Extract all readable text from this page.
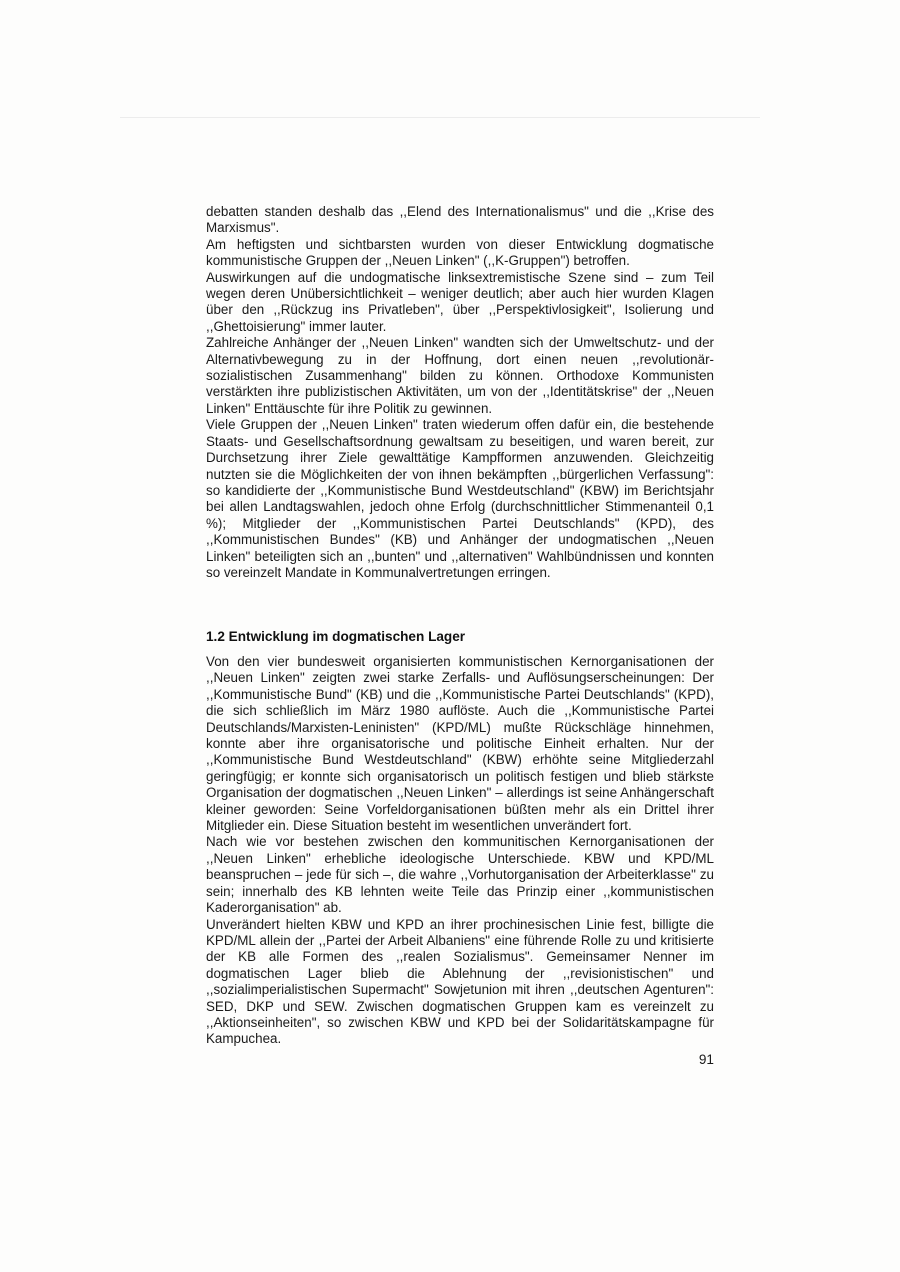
debatten standen deshalb das ,,Elend des Internationalismus" und die ,,Krise des Marxismus".

Am heftigsten und sichtbarsten wurden von dieser Entwicklung dogmatische kommunistische Gruppen der ,,Neuen Linken" (,,K-Gruppen") betroffen.

Auswirkungen auf die undogmatische linksextremistische Szene sind – zum Teil wegen deren Unübersichtlichkeit – weniger deutlich; aber auch hier wurden Klagen über den ,,Rückzug ins Privatleben", über ,,Perspektivlosigkeit", Isolierung und ,,Ghettoisierung" immer lauter.

Zahlreiche Anhänger der ,,Neuen Linken" wandten sich der Umweltschutz- und der Alternativbewegung zu in der Hoffnung, dort einen neuen ,,revolutionär-sozialistischen Zusammenhang" bilden zu können. Orthodoxe Kommunisten verstärkten ihre publizistischen Aktivitäten, um von der ,,Identitätskrise" der ,,Neuen Linken" Enttäuschte für ihre Politik zu gewinnen.

Viele Gruppen der ,,Neuen Linken" traten wiederum offen dafür ein, die bestehende Staats- und Gesellschaftsordnung gewaltsam zu beseitigen, und waren bereit, zur Durchsetzung ihrer Ziele gewalttätige Kampfformen anzuwenden. Gleichzeitig nutzten sie die Möglichkeiten der von ihnen bekämpften ,,bürgerlichen Verfassung": so kandidierte der ,,Kommunistische Bund Westdeutschland" (KBW) im Berichtsjahr bei allen Landtagswahlen, jedoch ohne Erfolg (durchschnittlicher Stimmenanteil 0,1 %); Mitglieder der ,,Kommunistischen Partei Deutschlands" (KPD), des ,,Kommunistischen Bundes" (KB) und Anhänger der undogmatischen ,,Neuen Linken" beteiligten sich an ,,bunten" und ,,alternativen" Wahlbündnissen und konnten so vereinzelt Mandate in Kommunalvertretungen erringen.

1.2 Entwicklung im dogmatischen Lager

Von den vier bundesweit organisierten kommunistischen Kernorganisationen der ,,Neuen Linken" zeigten zwei starke Zerfalls- und Auflösungserscheinungen: Der ,,Kommunistische Bund" (KB) und die ,,Kommunistische Partei Deutschlands" (KPD), die sich schließlich im März 1980 auflöste. Auch die ,,Kommunistische Partei Deutschlands/Marxisten-Leninisten" (KPD/ML) mußte Rückschläge hinnehmen, konnte aber ihre organisatorische und politische Einheit erhalten. Nur der ,,Kommunistische Bund Westdeutschland" (KBW) erhöhte seine Mitgliederzahl geringfügig; er konnte sich organisatorisch un politisch festigen und blieb stärkste Organisation der dogmatischen ,,Neuen Linken" – allerdings ist seine Anhängerschaft kleiner geworden: Seine Vorfeldorganisationen büßten mehr als ein Drittel ihrer Mitglieder ein. Diese Situation besteht im wesentlichen unverändert fort.

Nach wie vor bestehen zwischen den kommunitischen Kernorganisationen der ,,Neuen Linken" erhebliche ideologische Unterschiede. KBW und KPD/ML beanspruchen – jede für sich –, die wahre ,,Vorhutorganisation der Arbeiterklasse" zu sein; innerhalb des KB lehnten weite Teile das Prinzip einer ,,kommunistischen Kaderorganisation" ab.

Unverändert hielten KBW und KPD an ihrer prochinesischen Linie fest, billigte die KPD/ML allein der ,,Partei der Arbeit Albaniens" eine führende Rolle zu und kritisierte der KB alle Formen des ,,realen Sozialismus". Gemeinsamer Nenner im dogmatischen Lager blieb die Ablehnung der ,,revisionistischen" und ,,sozialimperialistischen Supermacht" Sowjetunion mit ihren ,,deutschen Agenturen": SED, DKP und SEW. Zwischen dogmatischen Gruppen kam es vereinzelt zu ,,Aktionseinheiten", so zwischen KBW und KPD bei der Solidaritätskampagne für Kampuchea.

91
